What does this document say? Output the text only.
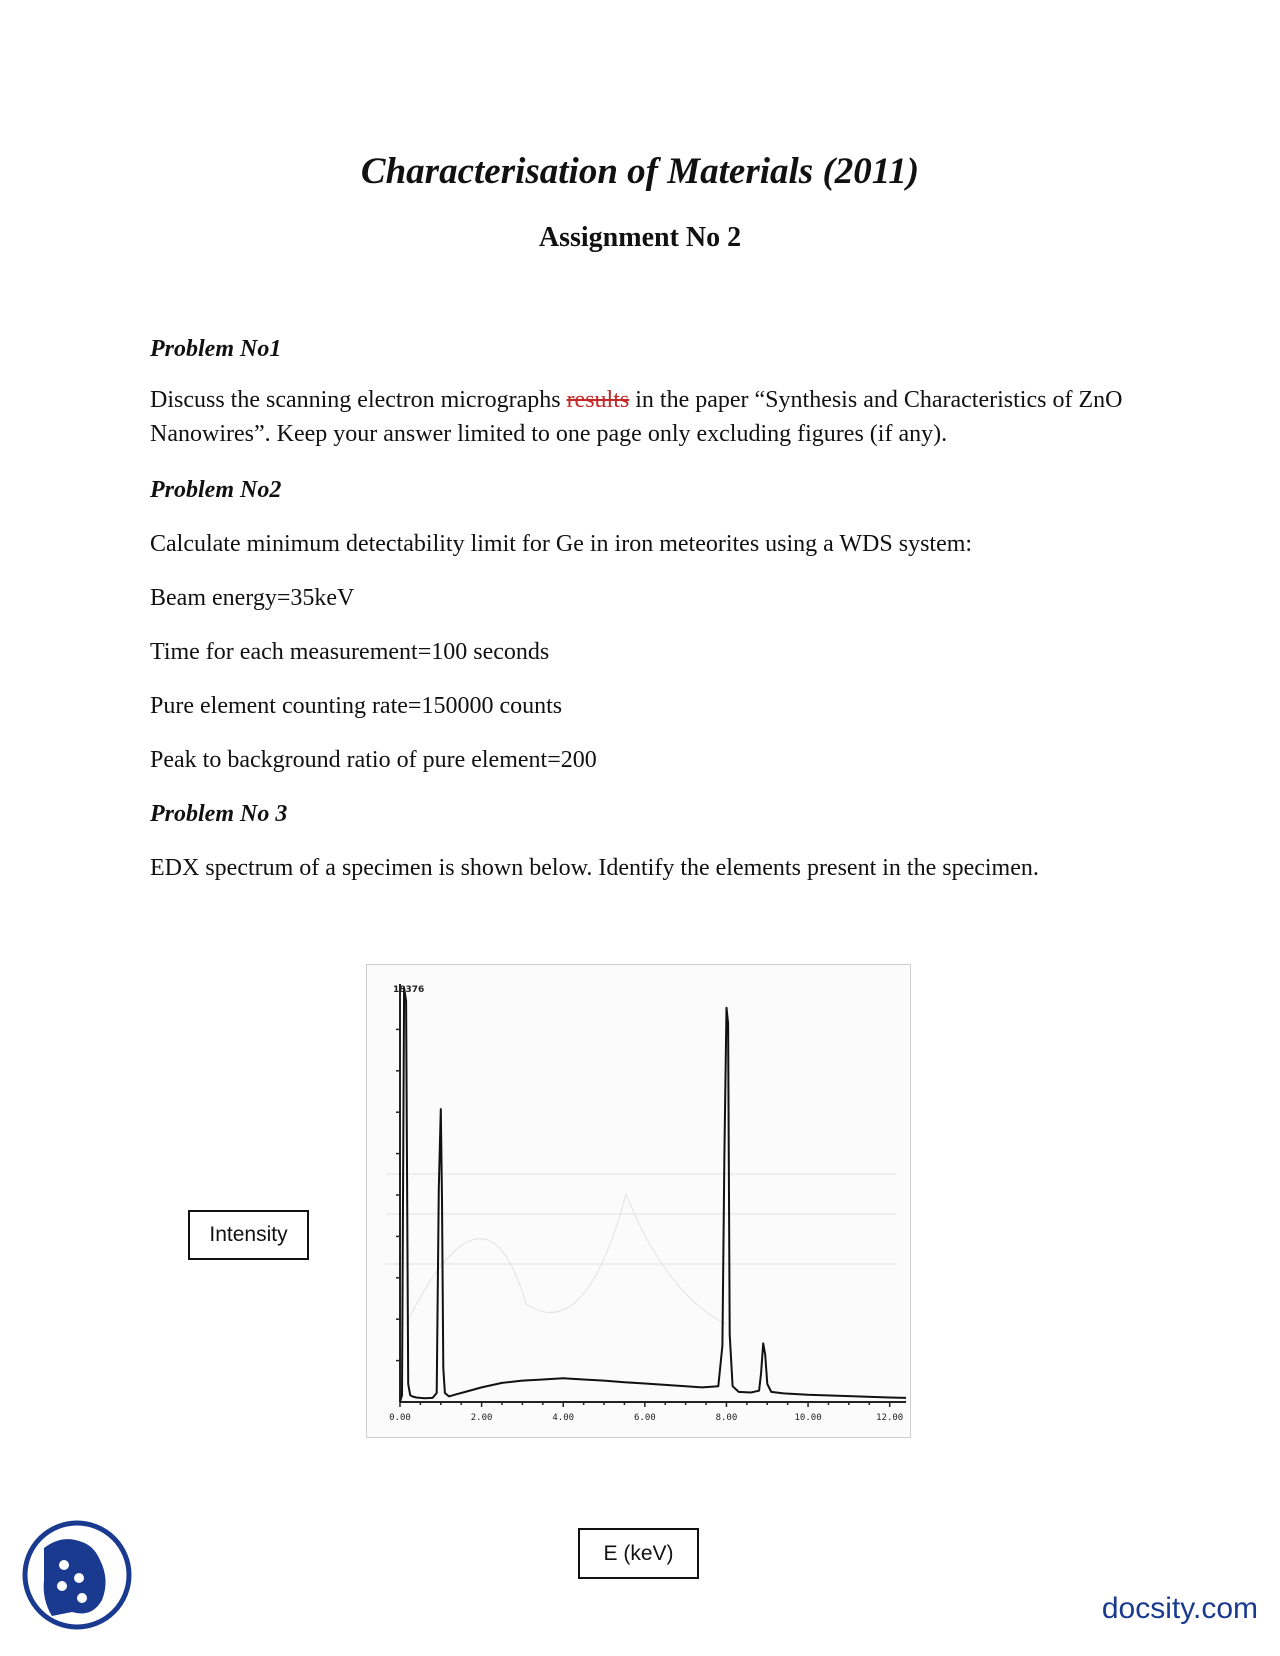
Characterisation of Materials (2011)
Assignment No 2

Problem No1

Discuss the scanning electron micrographs results in the paper “Synthesis and Characteristics of ZnO Nanowires”. Keep your answer limited to one page only excluding figures (if any).

Problem No2

Calculate minimum detectability limit for Ge in iron meteorites using a WDS system:

Beam energy=35keV

Time for each measurement=100 seconds

Pure element counting rate=150000 counts

Peak to background ratio of pure element=200

Problem No 3

EDX spectrum of a specimen is shown below. Identify the elements present in the specimen.

Intensity
0.00	2.00	4.00	6.00	8.00	10.00	12.00
18376
E (keV)
docsity.com
